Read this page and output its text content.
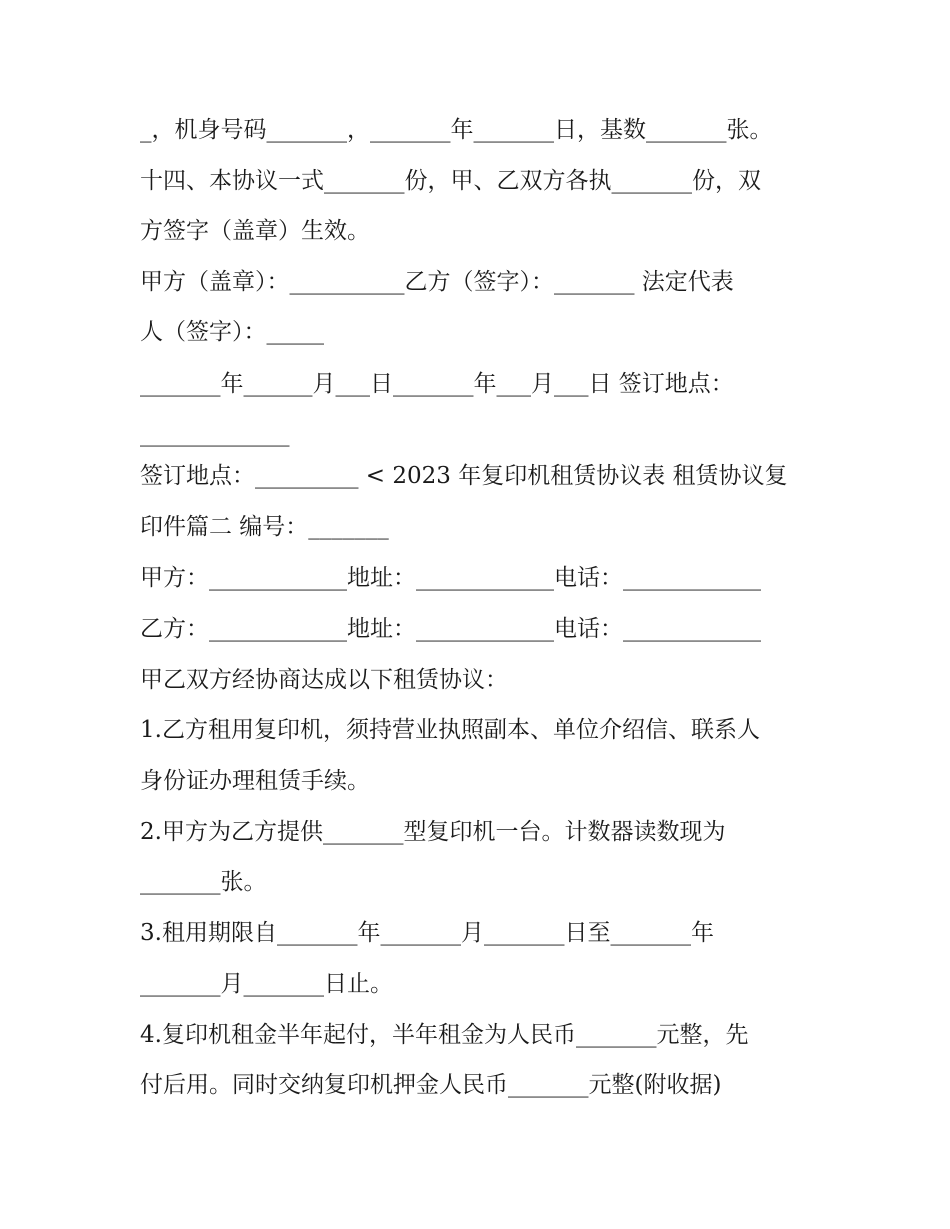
_，机身号码_______，_______年_______日，基数_______张。
十四、本协议一式_______份，甲、乙双方各执_______份，双
方签字（盖章）生效。
甲方（盖章）：__________乙方（签字）：_______ 法定代表
人（签字）：_____
_______年______月___日_______年___月___日 签订地点：
_____________
签订地点：_________ < 2023 年复印机租赁协议表 租赁协议复
印件篇二 编号：_______
甲方：____________地址：____________电话：____________
乙方：____________地址：____________电话：____________
甲乙双方经协商达成以下租赁协议：
1.乙方租用复印机，须持营业执照副本、单位介绍信、联系人
身份证办理租赁手续。
2.甲方为乙方提供_______型复印机一台。计数器读数现为
_______张。
3.租用期限自_______年_______月_______日至_______年
_______月_______日止。
4.复印机租金半年起付，半年租金为人民币_______元整，先
付后用。同时交纳复印机押金人民币_______元整(附收据)
